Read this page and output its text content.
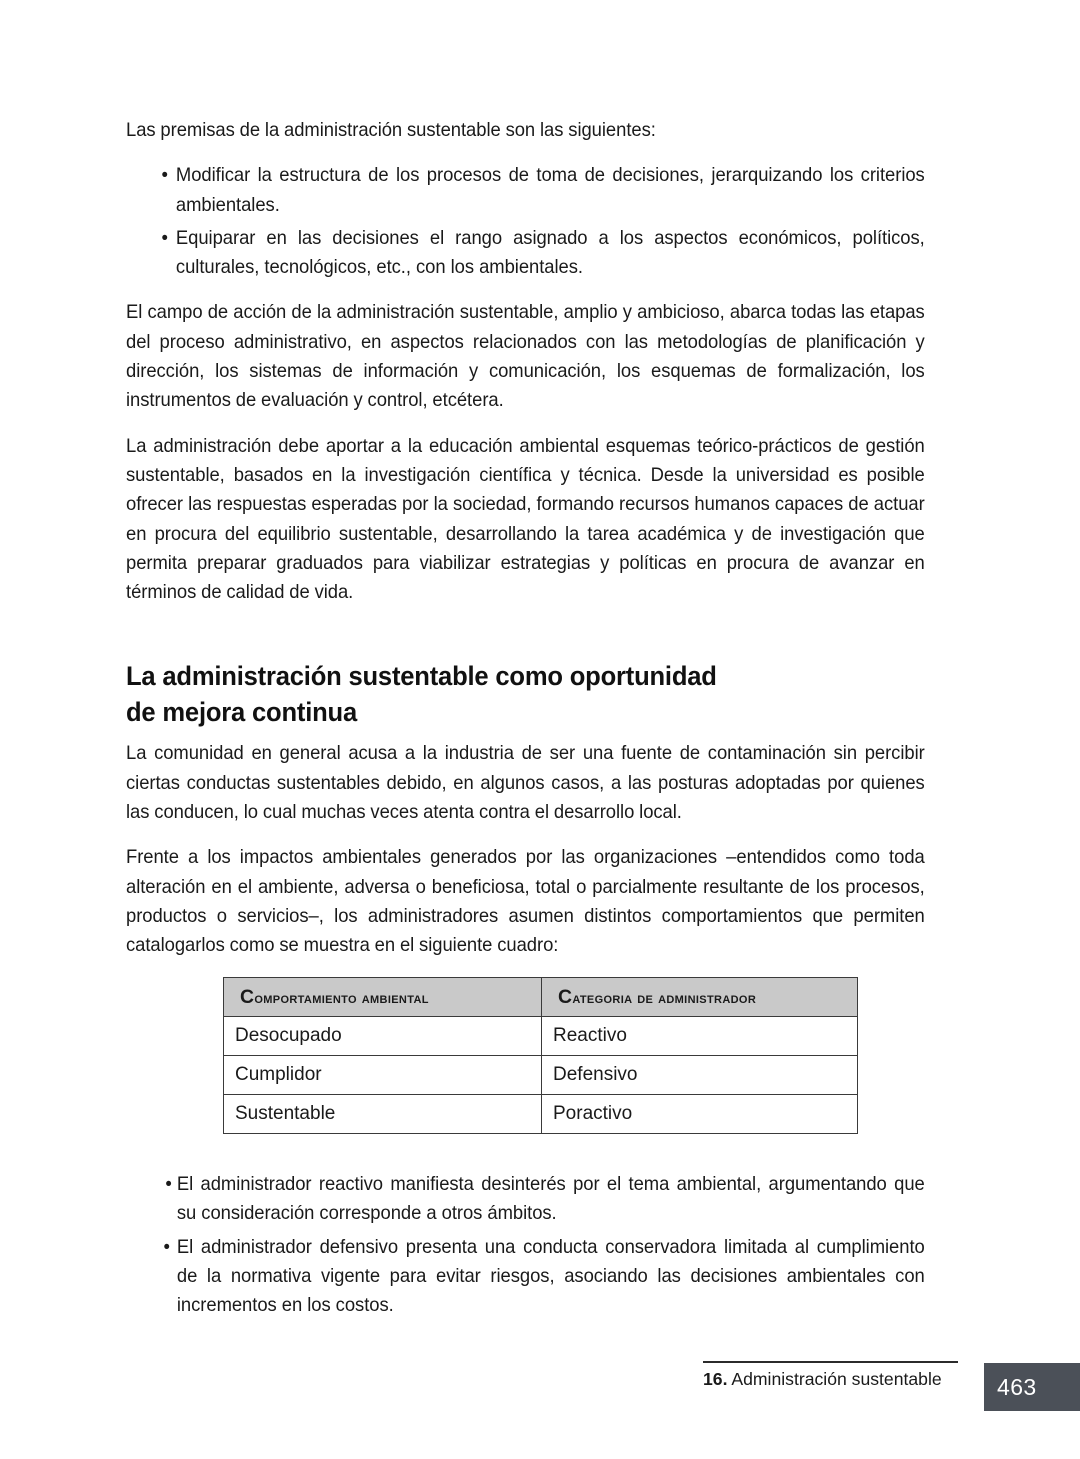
Las premisas de la administración sustentable son las siguientes:

• Modificar la estructura de los procesos de toma de decisiones, jerarquizando los criterios ambientales.
• Equiparar en las decisiones el rango asignado a los aspectos económicos, políticos, culturales, tecnológicos, etc., con los ambientales.

El campo de acción de la administración sustentable, amplio y ambicioso, abarca todas las etapas del proceso administrativo, en aspectos relacionados con las metodologías de planificación y dirección, los sistemas de información y comunicación, los esquemas de formalización, los instrumentos de evaluación y control, etcétera.

La administración debe aportar a la educación ambiental esquemas teórico-prácticos de gestión sustentable, basados en la investigación científica y técnica. Desde la universidad es posible ofrecer las respuestas esperadas por la sociedad, formando recursos humanos capaces de actuar en procura del equilibrio sustentable, desarrollando la tarea académica y de investigación que permita preparar graduados para viabilizar estrategias y políticas en procura de avanzar en términos de calidad de vida.

La administración sustentable como oportunidad
de mejora continua

La comunidad en general acusa a la industria de ser una fuente de contaminación sin percibir ciertas conductas sustentables debido, en algunos casos, a las posturas adoptadas por quienes las conducen, lo cual muchas veces atenta contra el desarrollo local.

Frente a los impactos ambientales generados por las organizaciones –entendidos como toda alteración en el ambiente, adversa o beneficiosa, total o parcialmente resultante de los procesos, productos o servicios–, los administradores asumen distintos comportamientos que permiten catalogarlos como se muestra en el siguiente cuadro:

Comportamiento ambiental	Categoria de administrador
Desocupado	Reactivo
Cumplidor	Defensivo
Sustentable	Poractivo
• El administrador reactivo manifiesta desinterés por el tema ambiental, argumentando que su consideración corresponde a otros ámbitos.
• El administrador defensivo presenta una conducta conservadora limitada al cumplimiento de la normativa vigente para evitar riesgos, asociando las decisiones ambientales con incrementos en los costos.
16. Administración sustentable	463
